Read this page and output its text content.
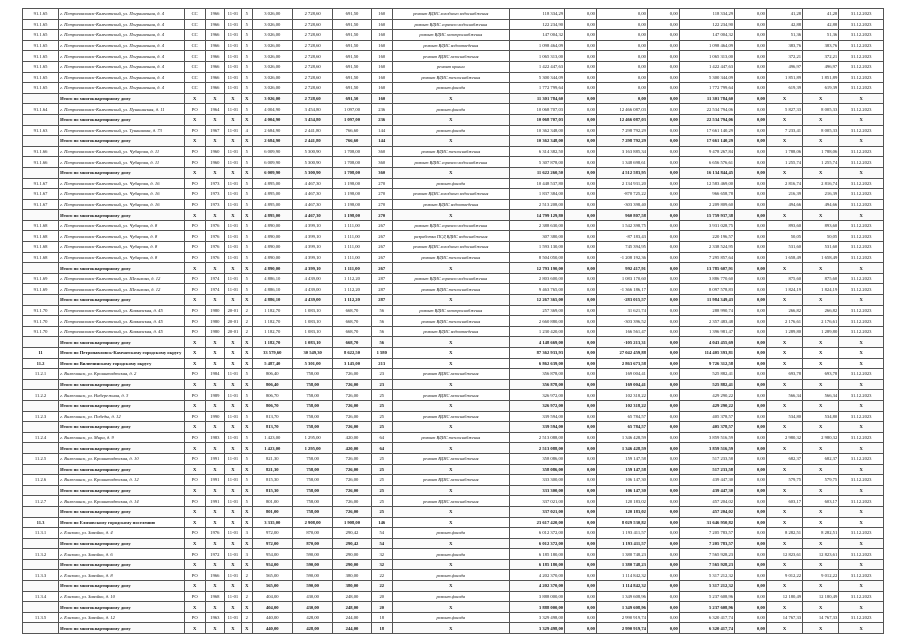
91.1.65	г. Петропавловск-Камчатский, ул. Пограничная, д. 4	СС	1966	11-01	5	3 026,00	2 728,60	691,50	160	ремонт ВДИС холодного водоснабжения	118 334,29	0,00	0,00	0,00	118 334,29	0,00	41,28	41,28	31.12.2023
91.1.65	г. Петропавловск-Камчатский, ул. Пограничная, д. 4	СС	1966	11-01	5	3 026,00	2 728,60	691,50	160	ремонт ВДИС горячего водоснабжения	122 234,90	0,00	0,00	0,00	122 234,90	0,00	42,88	42,88	31.12.2023
91.1.65	г. Петропавловск-Камчатский, ул. Пограничная, д. 4	СС	1966	11-01	5	3 026,00	2 728,60	691,50	160	ремонт ВДИС электроснабжения	147 004,32	0,00	0,00	0,00	147 004,32	0,00	51,36	51,36	31.12.2023
91.1.65	г. Петропавловск-Камчатский, ул. Пограничная, д. 4	СС	1966	11-01	5	3 026,00	2 728,60	691,50	160	ремонт ВДИС водоотведения	1 098 464,09	0,00	0,00	0,00	1 098 464,09	0,00	383,76	383,76	31.12.2023
91.1.65	г. Петропавловск-Камчатский, ул. Пограничная, д. 4	СС	1966	11-01	5	3 026,00	2 728,60	691,50	160	ремонт ВДИС газоснабжения	1 065 313,00	0,00	0,00	0,00	1 065 313,00	0,00	372,21	372,21	31.12.2023
91.1.65	г. Петропавловск-Камчатский, ул. Пограничная, д. 4	СС	1966	11-01	5	3 026,00	2 728,60	691,50	160	ремонт крыши	1 422 447,63	0,00	0,00	0,00	1 422 447,63	0,00	496,97	496,97	31.12.2023
91.1.65	г. Петропавловск-Камчатский, ул. Пограничная, д. 4	СС	1966	11-01	5	3 026,00	2 728,60	691,50	160	ремонт ВДИС теплоснабжения	5 300 344,09	0,00	0,00	0,00	5 300 344,09	0,00	1 851,89	1 851,89	31.12.2023
91.1.65	г. Петропавловск-Камчатский, ул. Пограничная, д. 4	СС	1966	11-01	5	3 026,00	2 728,60	691,50	160	ремонт фасада	1 772 799,64	0,00	0,00	0,00	1 772 799,64	0,00	619,39	619,39	31.12.2023
	Итого по многоквартирному дому	X	X	X	X	3 026,00	2 728,60	691,50	160	X	11 301 784,60	0,00	0,00	0,00	11 301 784,60	0,00	X	X	X
91.1.64	г. Петропавловск-Камчатский, ул. Пушкинская, д. 11	РО	1964	11-01	5	4 004,90	3 454,80	1 097,00	236	ремонт фасада	10 068 707,03	0,00	12 466 087,03	0,00	22 534 794,06	0,00	5 827,33	8 005,33	31.12.2023
	Итого по многоквартирному дому	X	X	X	X	4 004,90	3 454,80	1 097,00	236	X	10 068 707,03	0,00	12 466 087,03	0,00	22 534 794,06	0,00	X	X	X
91.1.63	г. Петропавловск-Камчатский, ул. Тушканова, д. 73	РО	1967	11-01	4	2 684,90	2 441,80	766,60	144	ремонт фасада	10 362 348,00	0,00	7 298 792,29	0,00	17 661 140,29	0,00	7 233,41	8 005,33	31.12.2023
	Итого по многоквартирному дому	X	X	X	X	2 684,90	2 441,80	766,60	144	X	10 362 348,00	0,00	7 298 792,29	0,00	17 661 140,29	0,00	X	X	X
91.1.66	г. Петропавловск-Камчатский, ул. Чубарова, д. 11	РО	1960	11-01	5	6 009,90	5 300,90	1 708,00	360	ремонт ВДИС теплоснабжения	6 314 382,50	0,00	3 163 885,34	0,00	9 478 267,84	0,00	1 788,06	1 788,06	31.12.2023
91.1.66	г. Петропавловск-Камчатский, ул. Чубарова, д. 11	РО	1960	11-01	5	6 009,90	5 300,90	1 708,00	360	ремонт ВДИС горячего водоснабжения	5 307 878,00	0,00	1 348 698,61	0,00	6 656 576,61	0,00	1 255,74	1 255,74	31.12.2023
	Итого по многоквартирному дому	X	X	X	X	6 009,90	5 300,90	1 708,00	360	X	11 622 260,50	0,00	4 512 583,95	0,00	16 134 844,45	0,00	X	X	X
91.1.67	г. Петропавловск-Камчатский, ул. Чубарова, д. 16	РО	1973	11-01	5	4 895,00	4 467,30	1 198,00	270	ремонт фасада	10 448 537,80	0,00	2 134 931,20	0,00	12 583 469,00	0,00	2 816,74	2 816,74	31.12.2023
91.1.67	г. Петропавловск-Камчатский, ул. Чубарова, д. 16	РО	1973	11-01	5	4 895,00	4 467,30	1 198,00	270	ремонт ВДИС холодного водоснабжения	1 837 384,00	0,00	-870 725,22	0,00	966 658,78	0,00	216,39	216,39	31.12.2023
91.1.67	г. Петропавловск-Камчатский, ул. Чубарова, д. 16	РО	1973	11-01	5	4 895,00	4 467,30	1 198,00	270	ремонт ВДИС водоотведения	2 513 208,00	0,00	-303 398,40	0,00	2 209 809,60	0,00	494,66	494,66	31.12.2023
	Итого по многоквартирному дому	X	X	X	X	4 895,00	4 467,30	1 198,00	270	X	14 799 129,80	0,00	960 807,58	0,00	15 759 937,38	0,00	X	X	X
91.1.68	г. Петропавловск-Камчатский, ул. Чубарова, д. 8	РО	1976	11-01	5	4 890,00	4 399,10	1 111,00	267	ремонт ВДИС горячего водоснабжения	2 388 630,00	0,00	1 542 398,75	0,00	3 931 028,75	0,00	893,60	893,60	31.12.2023
91.1.68	г. Петропавловск-Камчатский, ул. Чубарова, д. 8	РО	1976	11-01	5	4 890,00	4 399,10	1 111,00	267	разработка ПСД ВДИС водоснабжения	307 380,00	0,00	-87 183,43	0,00	220 196,57	0,00	50,05	50,05	31.12.2023
91.1.68	г. Петропавловск-Камчатский, ул. Чубарова, д. 8	РО	1976	11-01	5	4 890,00	4 399,10	1 111,00	267	ремонт ВДИС холодного водоснабжения	1 593 130,00	0,00	745 394,95	0,00	2 338 524,95	0,00	531,60	531,60	31.12.2023
91.1.68	г. Петропавловск-Камчатский, ул. Чубарова, д. 8	РО	1976	11-01	5	4 890,00	4 399,10	1 111,00	267	ремонт ВДИС теплоснабжения	8 504 050,00	0,00	-1 208 192,36	0,00	7 295 857,64	0,00	1 658,49	1 658,49	31.12.2023
	Итого по многоквартирному дому	X	X	X	X	4 890,00	4 399,10	1 111,00	267	X	12 793 190,00	0,00	992 417,91	0,00	13 785 607,91	0,00	X	X	X
91.1.69	г. Петропавловск-Камчатский, ул. Шелихова, д. 12	РО	1974	11-01	5	4 886,10	4 439,00	1 112,20	287	ремонт ВДИС горячего водоснабжения	2 803 600,00	0,00	1 083 170,60	0,00	3 886 770,60	0,00	875,60	875,60	31.12.2023
91.1.69	г. Петропавловск-Камчатский, ул. Шелихова, д. 12	РО	1974	11-01	5	4 886,10	4 439,00	1 112,20	287	ремонт ВДИС теплоснабжения	9 463 765,00	0,00	-1 366 186,17	0,00	8 097 578,83	0,00	1 824,19	1 824,19	31.12.2023
	Итого по многоквартирному дому	X	X	X	X	4 886,10	4 439,00	1 112,20	287	X	12 267 365,00	0,00	-283 015,57	0,00	11 984 349,43	0,00	X	X	X
91.1.70	г. Петропавловск-Камчатский, ул. Кавказская, д. 45	РО	1980	20-01	2	1 182,70	1 083,10	668,70	56	ремонт ВДИС электроснабжения	257 369,00	0,00	31 621,74	0,00	288 990,74	0,00	266,82	266,82	31.12.2023
91.1.70	г. Петропавловск-Камчатский, ул. Кавказская, д. 45	РО	1980	20-01	2	1 182,70	1 083,10	668,70	56	ремонт ВДИС теплоснабжения	2 660 880,00	0,00	-303 396,52	0,00	2 357 483,48	0,00	2 176,61	2 176,61	31.12.2023
91.1.70	г. Петропавловск-Камчатский, ул. Кавказская, д. 45	РО	1980	20-01	2	1 182,70	1 083,10	668,70	56	ремонт ВДИС водоотведения	1 230 420,00	0,00	166 561,47	0,00	1 396 981,47	0,00	1 289,80	1 289,80	31.12.2023
	Итого по многоквартирному дому	X	X	X	X	1 182,70	1 083,10	668,70	56	X	4 148 669,00	0,00	-105 213,31	0,00	4 043 455,69	0,00	X	X	X
11	Итого по Петропавловск-Камчатскому городскому округу	X	X	X	X	33 579,60	30 549,30	8 622,50	1 580	X	87 362 933,93	0,00	27 042 459,88	0,00	114 405 393,81	0,00	X	X	X
11.2	Итого по Вилючинскому городскому округу	X	X	X	X	5 487,40	5 301,00	3 145,00	213	X	6 862 639,00	0,00	2 863 673,58	0,00	9 726 312,58	0,00	X	X	X
11.2.1	г. Вилючинск, ул. Кронштадтская, д. 2	РО	1984	11-01	5	806,40	758,00	726,00	23	ремонт ВДИС газоснабжения	356 878,00	0,00	169 004,41	0,00	525 882,41	0,00	693,78	693,78	31.12.2023
	Итого по многоквартирному дому	X	X	X	X	806,40	758,00	726,00	23	X	356 878,00	0,00	169 004,41	0,00	525 882,41	0,00	X	X	X
11.2.2	г. Вилючинск, ул. Набережная, д. 3	РО	1989	11-01	5	806,70	758,00	726,00	25	ремонт ВДИС газоснабжения	326 972,00	0,00	102 318,22	0,00	429 290,22	0,00	566,34	566,34	31.12.2023
	Итого по многоквартирному дому	X	X	X	X	806,70	758,00	726,00	25	X	326 972,00	0,00	102 318,22	0,00	429 290,22	0,00	X	X	X
11.2.3	г. Вилючинск, ул. Победы, д. 12	РО	1990	11-01	5	813,70	758,00	726,00	25	ремонт ВДИС газоснабжения	339 594,00	0,00	65 784,57	0,00	405 378,57	0,00	534,80	534,80	31.12.2023
	Итого по многоквартирному дому	X	X	X	X	813,70	758,00	726,00	25	X	339 594,00	0,00	65 784,57	0,00	405 378,57	0,00	X	X	X
11.2.4	г. Вилючинск, ул. Мира, д. 9	РО	1983	11-01	5	1 423,00	1 295,00	420,00	64	ремонт ВДИС теплоснабжения	2 513 088,00	0,00	1 346 428,59	0,00	3 859 516,59	0,00	2 980,32	2 980,32	31.12.2023
	Итого по многоквартирному дому	X	X	X	X	1 423,00	1 295,00	420,00	64	X	2 513 088,00	0,00	1 346 428,59	0,00	3 859 516,59	0,00	X	X	X
11.2.5	г. Вилючинск, ул. Кронштадтская, д. 10	РО	1991	11-01	5	821,30	758,00	726,00	25	ремонт ВДИС газоснабжения	358 086,00	0,00	159 147,58	0,00	517 233,58	0,00	682,37	682,37	31.12.2023
	Итого по многоквартирному дому	X	X	X	X	821,30	758,00	726,00	25	X	358 086,00	0,00	159 147,58	0,00	517 233,58	0,00	X	X	X
11.2.6	г. Вилючинск, ул. Кронштадтская, д. 12	РО	1991	11-01	5	815,30	758,00	726,00	25	ремонт ВДИС газоснабжения	333 300,00	0,00	106 147,30	0,00	439 447,30	0,00	579,75	579,75	31.12.2023
	Итого по многоквартирному дому	X	X	X	X	815,30	758,00	726,00	25	X	333 300,00	0,00	106 147,30	0,00	439 447,30	0,00	X	X	X
11.2.7	г. Вилючинск, ул. Кронштадтская, д. 14	РО	1991	11-01	5	801,00	758,00	726,00	25	ремонт ВДИС газоснабжения	337 021,00	0,00	120 183,02	0,00	457 204,02	0,00	603,17	603,17	31.12.2023
	Итого по многоквартирному дому	X	X	X	X	801,00	758,00	726,00	25	X	337 021,00	0,00	120 183,02	0,00	457 204,02	0,00	X	X	X
11.3	Итого по Елизовскому городскому поселению	X	X	X	X	3 335,00	2 908,00	1 908,00	146	X	23 617 420,00	0,00	8 029 530,82	0,00	31 646 950,82	0,00	X	X	X
11.3.1	г. Елизово, ул. Завойко, д. 4	РО	1976	11-01	3	972,00	870,00	290,42	54	ремонт фасада	6 012 372,00	0,00	1 193 411,57	0,00	7 205 783,57	0,00	8 282,51	8 282,51	31.12.2023
	Итого по многоквартирному дому	X	X	X	X	972,00	870,00	290,42	54	X	6 012 372,00	0,00	1 193 411,57	0,00	7 205 783,57	0,00	X	X	X
11.3.2	г. Елизово, ул. Завойко, д. 6	РО	1972	11-01	3	954,00	590,00	290,00	32	ремонт фасада	6 185 180,00	0,00	1 380 748,23	0,00	7 565 928,23	0,00	12 823,61	12 823,61	31.12.2023
	Итого по многоквартирному дому	X	X	X	X	954,00	590,00	290,00	32	X	6 185 180,00	0,00	1 380 748,23	0,00	7 565 928,23	0,00	X	X	X
11.3.3	г. Елизово, ул. Завойко, д. 8	РО	1966	11-01	2	565,00	590,00	380,00	22	ремонт фасада	4 202 370,00	0,00	1 114 842,32	0,00	5 317 212,32	0,00	9 012,22	9 012,22	31.12.2023
	Итого по многоквартирному дому	X	X	X	X	565,00	590,00	380,00	22	X	4 202 370,00	0,00	1 114 842,32	0,00	5 317 212,32	0,00	X	X	X
11.3.4	г. Елизово, ул. Завойко, д. 10	РО	1968	11-01	2	404,00	430,00	248,00	20	ремонт фасада	3 888 000,00	0,00	1 349 608,96	0,00	5 237 608,96	0,00	12 180,49	12 180,49	31.12.2023
	Итого по многоквартирному дому	X	X	X	X	404,00	430,00	248,00	20	X	3 888 000,00	0,00	1 349 608,96	0,00	5 237 608,96	0,00	X	X	X
11.3.5	г. Елизово, ул. Завойко, д. 12	РО	1963	11-01	2	440,00	428,00	244,00	18	ремонт фасада	3 329 498,00	0,00	2 990 919,74	0,00	6 320 417,74	0,00	14 767,33	14 767,33	31.12.2023
	Итого по многоквартирному дому	X	X	X	X	440,00	428,00	244,00	18	X	3 329 498,00	0,00	2 990 919,74	0,00	6 320 417,74	0,00	X	X	X
